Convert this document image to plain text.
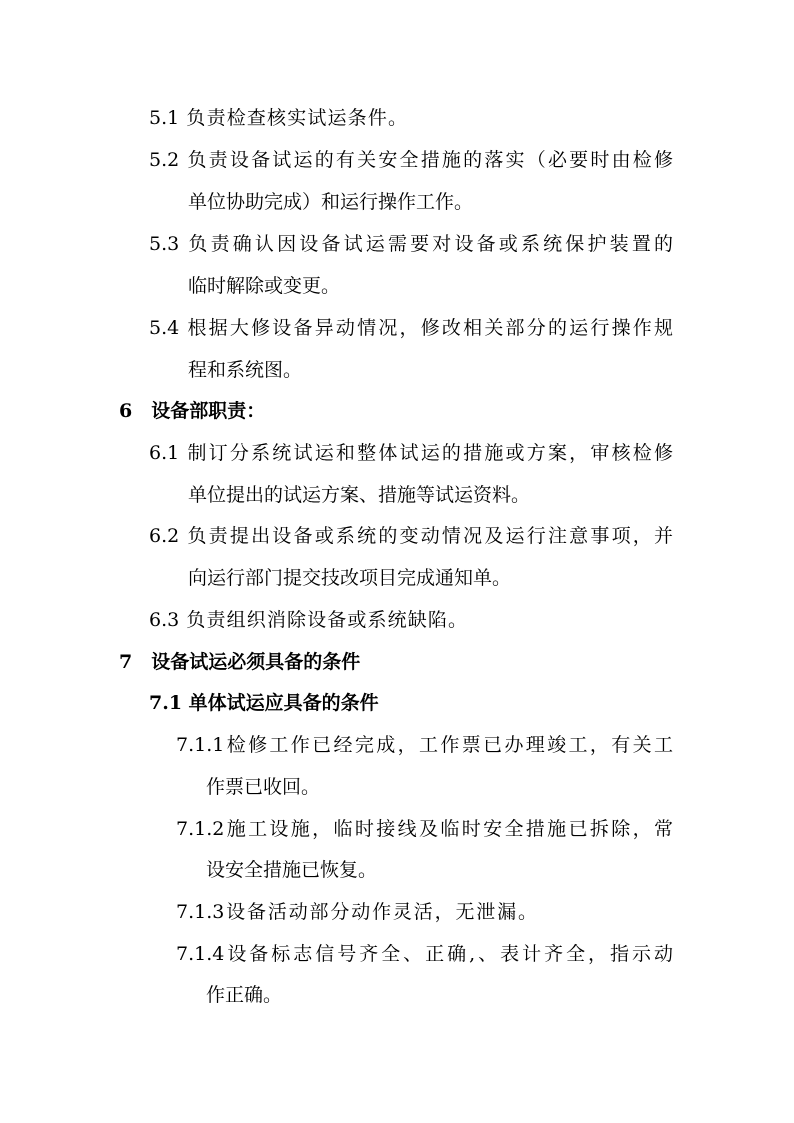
5.1 负责检查核实试运条件。
5.2 负责设备试运的有关安全措施的落实（必要时由检修
单位协助完成）和运行操作工作。
5.3 负责确认因设备试运需要对设备或系统保护装置的
临时解除或变更。
5.4 根据大修设备异动情况，修改相关部分的运行操作规
程和系统图。
6　设备部职责：
6.1 制订分系统试运和整体试运的措施或方案，审核检修
单位提出的试运方案、措施等试运资料。
6.2 负责提出设备或系统的变动情况及运行注意事项，并
向运行部门提交技改项目完成通知单。
6.3 负责组织消除设备或系统缺陷。
7　设备试运必须具备的条件
7.1 单体试运应具备的条件
7.1.1检修工作已经完成，工作票已办理竣工，有关工
作票已收回。
7.1.2施工设施，临时接线及临时安全措施已拆除，常
设安全措施已恢复。
7.1.3设备活动部分动作灵活，无泄漏。
7.1.4设备标志信号齐全、正确,、表计齐全，指示动
作正确。
